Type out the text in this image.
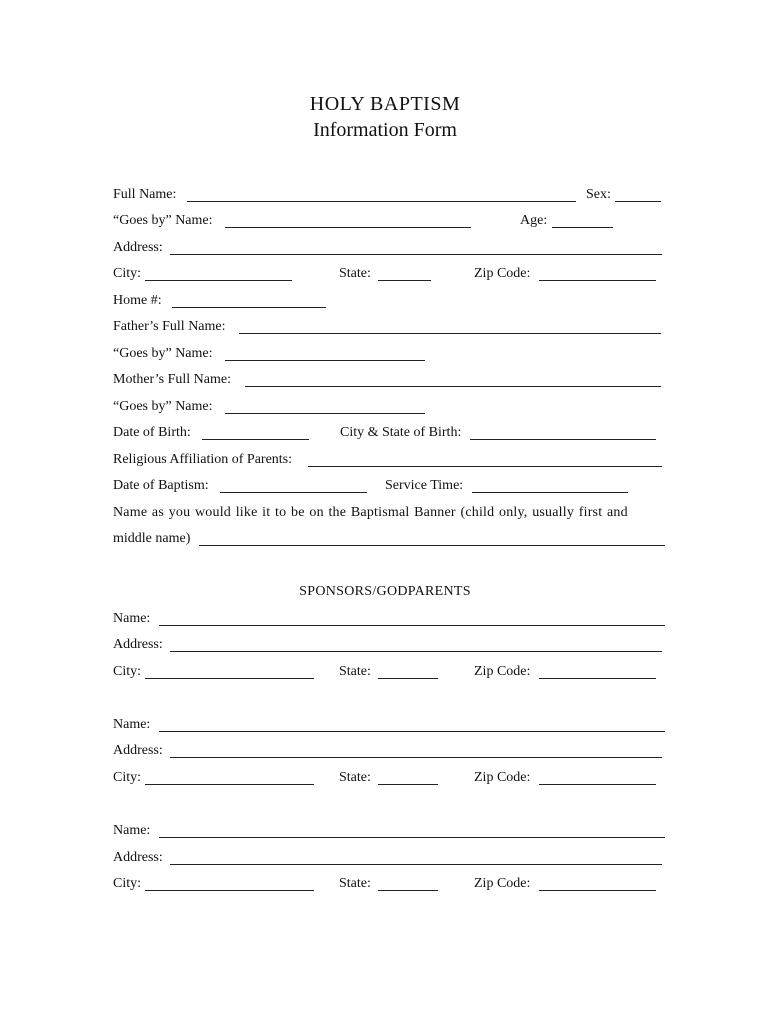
HOLY BAPTISM
Information Form
Full Name:	Sex:
“Goes by” Name:	Age:
Address:
City:	State:	Zip Code:
Home #:
Father’s Full Name:
“Goes by” Name:
Mother’s Full Name:
“Goes by” Name:
Date of Birth:	City & State of Birth:
Religious Affiliation of Parents:
Date of Baptism:	Service Time:
Name as you would like it to be on the Baptismal Banner (child only, usually first and
middle name)
SPONSORS/GODPARENTS
Name:
Address:
City:	State:	Zip Code:
Name:
Address:
City:	State:	Zip Code:
Name:
Address:
City:	State:	Zip Code:
